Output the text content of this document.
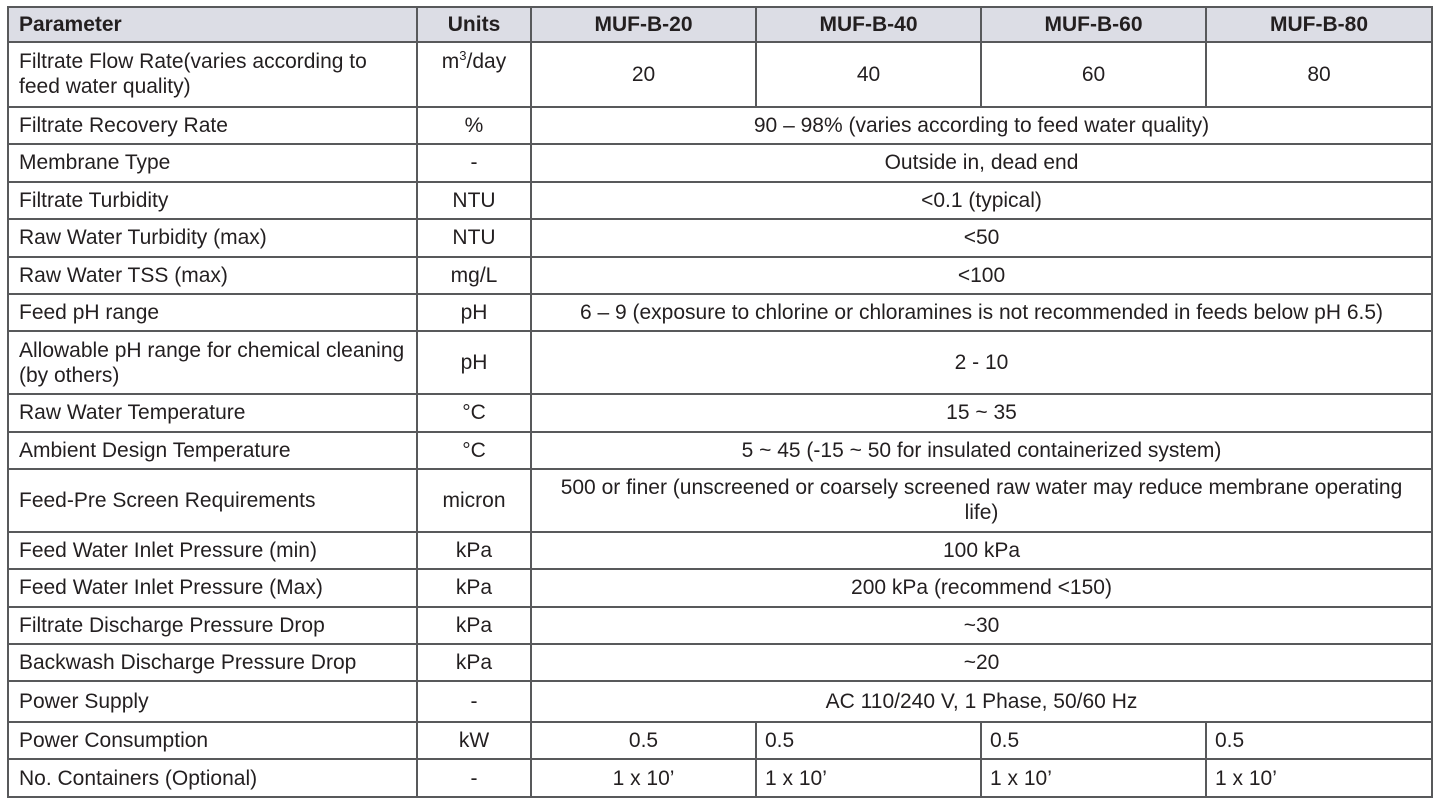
Parameter	Units	MUF-B-20	MUF-B-40	MUF-B-60	MUF-B-80
Filtrate Flow Rate(varies according to feed water quality)	$m^3$/day	20	40	60	80
Filtrate Recovery Rate	%	90 – 98% (varies according to feed water quality)			
Membrane Type	-	Outside in, dead end			
Filtrate Turbidity	NTU	<0.1 (typical)			
Raw Water Turbidity (max)	NTU	<50			
Raw Water TSS (max)	mg/L	<100			
Feed pH range	pH	6 – 9 (exposure to chlorine or chloramines is not recommended in feeds below pH 6.5)			
Allowable pH range for chemical cleaning (by others)	pH	2 - 10			
Raw Water Temperature	°C	15 ~ 35			
Ambient Design Temperature	°C	5 ~ 45 (-15 ~ 50 for insulated containerized system)			
Feed-Pre Screen Requirements	micron	500 or finer (unscreened or coarsely screened raw water may reduce membrane operating life)			
Feed Water Inlet Pressure (min)	kPa	100 kPa			
Feed Water Inlet Pressure (Max)	kPa	200 kPa (recommend <150)			
Filtrate Discharge Pressure Drop	kPa	~30			
Backwash Discharge Pressure Drop	kPa	~20			
Power Supply	-	AC 110/240 V, 1 Phase, 50/60 Hz			
Power Consumption	kW	0.5	0.5	0.5	0.5
No. Containers (Optional)	-	1 x 10’	1 x 10’	1 x 10’	1 x 10’
